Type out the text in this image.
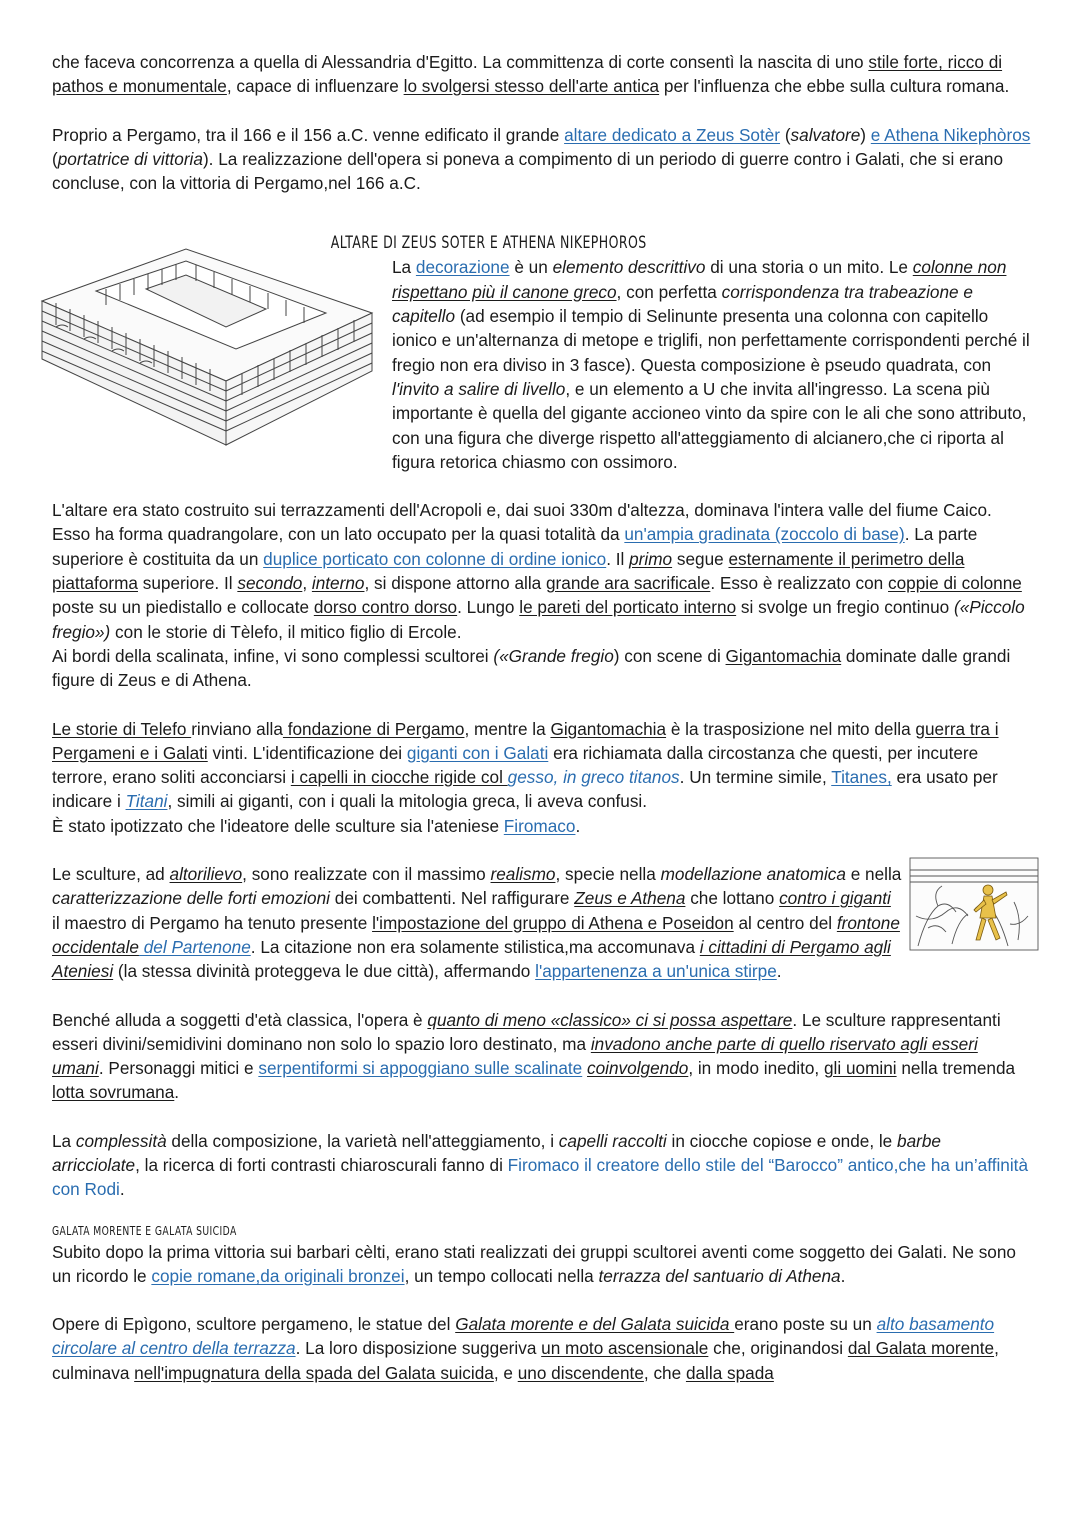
che faceva concorrenza a quella di Alessandria d'Egitto. La committenza di corte consentì la nascita di uno stile forte, ricco di pathos e monumentale, capace di influenzare lo svolgersi stesso dell'arte antica per l'influenza che ebbe sulla cultura romana.

Proprio a Pergamo, tra il 166 e il 156 a.C. venne edificato il grande altare dedicato a Zeus Sotèr (salvatore) e Athena Nikephòros (portatrice di vittoria). La realizzazione dell'opera si poneva a compimento di un periodo di guerre contro i Galati, che si erano concluse, con la vittoria di Pergamo,nel 166 a.C.

ALTARE DI ZEUS SOTER E ATHENA NIKEPHOROS

La decorazione è un elemento descrittivo di una storia o un mito. Le colonne non rispettano più il canone greco, con perfetta corrispondenza tra trabeazione e capitello (ad esempio il tempio di Selinunte presenta una colonna con capitello ionico e un'alternanza di metope e triglifi, non perfettamente corrispondenti perché il fregio non era diviso in 3 fasce). Questa composizione è pseudo quadrata, con l'invito a salire di livello, e un elemento a U che invita all'ingresso. La scena più importante è quella del gigante accioneo vinto da spire con le ali che sono attributo, con una figura che diverge rispetto all'atteggiamento di alcianero,che ci riporta al figura retorica chiasmo con ossimoro.

L'altare era stato costruito sui terrazzamenti dell'Acropoli e, dai suoi 330m d'altezza, dominava l'intera valle del fiume Caico. Esso ha forma quadrangolare, con un lato occupato per la quasi totalità da un'ampia gradinata (zoccolo di base). La parte superiore è costituita da un duplice porticato con colonne di ordine ionico. Il primo segue esternamente il perimetro della piattaforma superiore. Il secondo, interno, si dispone attorno alla grande ara sacrificale. Esso è realizzato con coppie di colonne poste su un piedistallo e collocate dorso contro dorso. Lungo le pareti del porticato interno si svolge un fregio continuo («Piccolo fregio») con le storie di Tèlefo, il mitico figlio di Ercole.
Ai bordi della scalinata, infine, vi sono complessi scultorei («Grande fregio) con scene di Gigantomachia dominate dalle grandi figure di Zeus e di Athena.

Le storie di Telefo rinviano alla fondazione di Pergamo, mentre la Gigantomachia è la trasposizione nel mito della guerra tra i Pergameni e i Galati vinti. L'identificazione dei giganti con i Galati era richiamata dalla circostanza che questi, per incutere terrore, erano soliti acconciarsi i capelli in ciocche rigide col gesso, in greco titanos. Un termine simile, Titanes, era usato per indicare i Titani, simili ai giganti, con i quali la mitologia greca, li aveva confusi.
È stato ipotizzato che l'ideatore delle sculture sia l'ateniese Firomaco.

Le sculture, ad altorilievo, sono realizzate con il massimo realismo, specie nella modellazione anatomica e nella caratterizzazione delle forti emozioni dei combattenti. Nel raffigurare Zeus e Athena che lottano contro i giganti il maestro di Pergamo ha tenuto presente l'impostazione del gruppo di Athena e Poseidon al centro del frontone occidentale del Partenone. La citazione non era solamente stilistica,ma accomunava i cittadini di Pergamo agli Ateniesi (la stessa divinità proteggeva le due città), affermando l'appartenenza a un'unica stirpe.

Benché alluda a soggetti d'età classica, l'opera è quanto di meno «classico» ci si possa aspettare. Le sculture rappresentanti esseri divini/semidivini dominano non solo lo spazio loro destinato, ma invadono anche parte di quello riservato agli esseri umani. Personaggi mitici e serpentiformi si appoggiano sulle scalinate coinvolgendo, in modo inedito, gli uomini nella tremenda lotta sovrumana.

La complessità della composizione, la varietà nell'atteggiamento, i capelli raccolti in ciocche copiose e onde, le barbe arricciolate, la ricerca di forti contrasti chiaroscurali fanno di Firomaco il creatore dello stile del “Barocco” antico,che ha un’affinità con Rodi.

GALATA MORENTE E GALATA SUICIDA

Subito dopo la prima vittoria sui barbari cèlti, erano stati realizzati dei gruppi scultorei aventi come soggetto dei Galati. Ne sono un ricordo le copie romane,da originali bronzei, un tempo collocati nella terrazza del santuario di Athena.

Opere di Epìgono, scultore pergameno, le statue del Galata morente e del Galata suicida erano poste su un alto basamento circolare al centro della terrazza. La loro disposizione suggeriva un moto ascensionale che, originandosi dal Galata morente, culminava nell'impugnatura della spada del Galata suicida, e uno discendente, che dalla spada
